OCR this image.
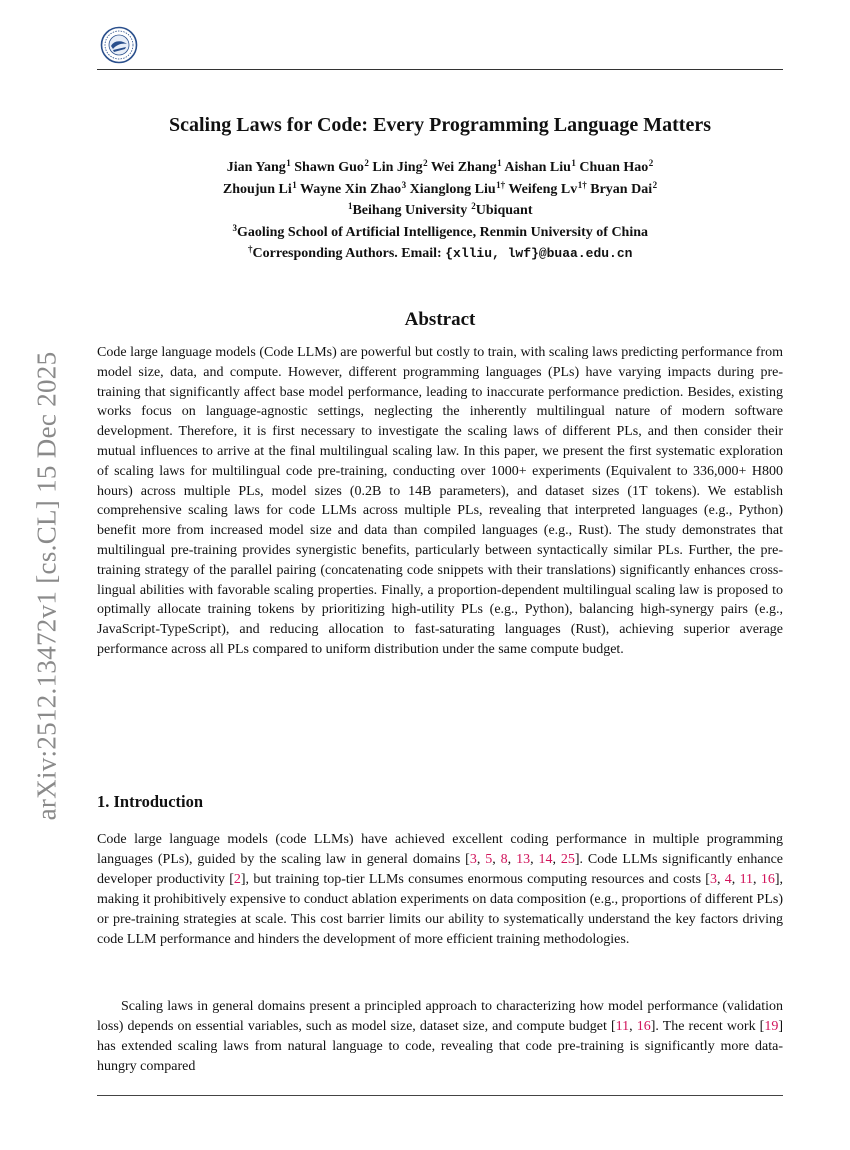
arXiv:2512.13472v1 [cs.CL] 15 Dec 2025
Scaling Laws for Code: Every Programming Language Matters
Jian Yang$^1$ Shawn Guo$^2$ Lin Jing$^2$ Wei Zhang$^1$ Aishan Liu$^1$ Chuan Hao$^2$
Zhoujun Li$^1$ Wayne Xin Zhao$^3$ Xianglong Liu$^{1\dagger}$ Weifeng $Lv^{1\dagger}$ Bryan Dai$^2$
$^1$Beihang University $^2$Ubiquant
$^3$Gaoling School of Artificial Intelligence, Renmin University of China
†Corresponding Authors. Email: {xlliu, lwf}@buaa.edu.cn
Abstract

Code large language models (Code LLMs) are powerful but costly to train, with scaling laws predicting performance from model size, data, and compute. However, different programming languages (PLs) have varying impacts during pre-training that significantly affect base model performance, leading to inaccurate performance prediction. Besides, existing works focus on language-agnostic settings, neglecting the inherently multilingual nature of modern software development. Therefore, it is first necessary to investigate the scaling laws of different PLs, and then consider their mutual influences to arrive at the final multilingual scaling law. In this paper, we present the first systematic exploration of scaling laws for multilingual code pre-training, conducting over 1000+ experiments (Equivalent to 336,000+ H800 hours) across multiple PLs, model sizes (0.2B to 14B parameters), and dataset sizes (1T tokens). We establish comprehensive scaling laws for code LLMs across multiple PLs, revealing that interpreted languages (e.g., Python) benefit more from increased model size and data than compiled languages (e.g., Rust). The study demonstrates that multilingual pre-training provides synergistic benefits, particularly between syntactically similar PLs. Further, the pre-training strategy of the parallel pairing (concatenating code snippets with their translations) significantly enhances cross-lingual abilities with favorable scaling properties. Finally, a proportion-dependent multilingual scaling law is proposed to optimally allocate training tokens by prioritizing high-utility PLs (e.g., Python), balancing high-synergy pairs (e.g., JavaScript-TypeScript), and reducing allocation to fast-saturating languages (Rust), achieving superior average performance across all PLs compared to uniform distribution under the same compute budget.

1. Introduction

Code large language models (code LLMs) have achieved excellent coding performance in multiple programming languages (PLs), guided by the scaling law in general domains [3, 5, 8, 13, 14, 25]. Code LLMs significantly enhance developer productivity [2], but training top-tier LLMs consumes enormous computing resources and costs [3, 4, 11, 16], making it prohibitively expensive to conduct ablation experiments on data composition (e.g., proportions of different PLs) or pre-training strategies at scale. This cost barrier limits our ability to systematically understand the key factors driving code LLM performance and hinders the development of more efficient training methodologies.

Scaling laws in general domains present a principled approach to characterizing how model performance (validation loss) depends on essential variables, such as model size, dataset size, and compute budget [11, 16]. The recent work [19] has extended scaling laws from natural language to code, revealing that code pre-training is significantly more data-hungry compared
